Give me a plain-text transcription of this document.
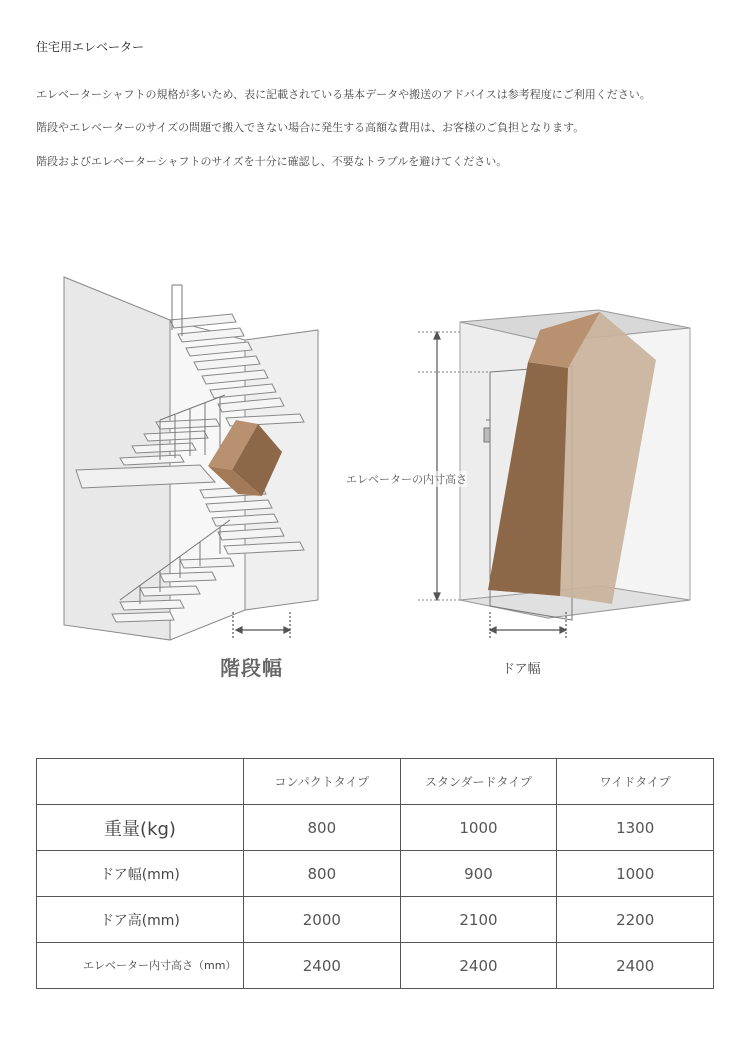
住宅用エレベーター
エレベーターシャフトの規格が多いため、表に記載されている基本データや搬送のアドバイスは参考程度にご利用ください。
階段やエレベーターのサイズの問題で搬入できない場合に発生する高額な費用は、お客様のご負担となります。
階段およびエレベーターシャフトのサイズを十分に確認し、不要なトラブルを避けてください。
階段幅
エレベーターの内寸高さ
ドア幅
	コンパクトタイプ	スタンダードタイプ	ワイドタイプ
重量(kg)	800	1000	1300
ドア幅(mm)	800	900	1000
ドア高(mm)	2000	2100	2200
エレベーター内寸高さ（mm）	2400	2400	2400
